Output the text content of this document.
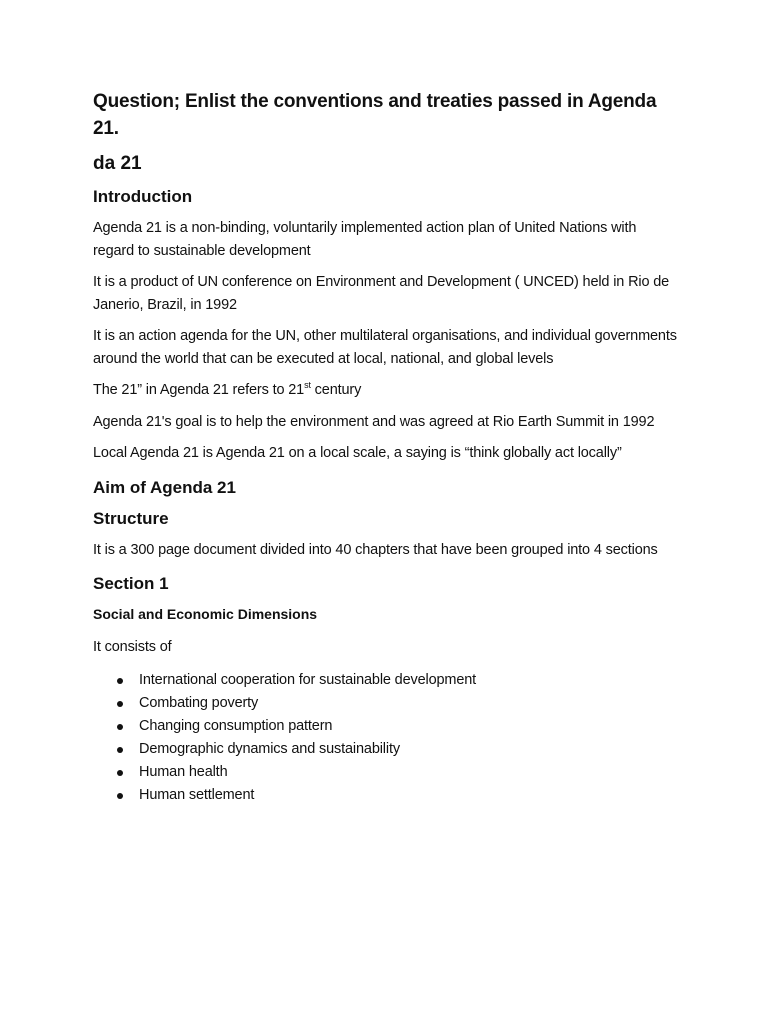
Question; Enlist the conventions and treaties passed in Agenda 21.
da 21
Introduction
Agenda 21 is a non-binding, voluntarily implemented action plan of United Nations with regard to sustainable development
It is a product of UN conference on Environment and Development ( UNCED) held in Rio de Janerio, Brazil, in 1992
It is an action agenda for the UN, other multilateral organisations, and individual governments around the world that can be executed at local, national, and global levels
The 21” in Agenda 21 refers to 21st century
Agenda 21's goal is to help the environment and was agreed at Rio Earth Summit in 1992
Local Agenda 21 is Agenda 21 on a local scale, a saying is “think globally act locally”
Aim of Agenda 21
Structure
It is a 300 page document divided into 40 chapters that have been grouped into 4 sections
Section 1
Social and Economic Dimensions
It consists of
International cooperation for sustainable development
Combating poverty
Changing consumption pattern
Demographic dynamics and sustainability
Human health
Human settlement
